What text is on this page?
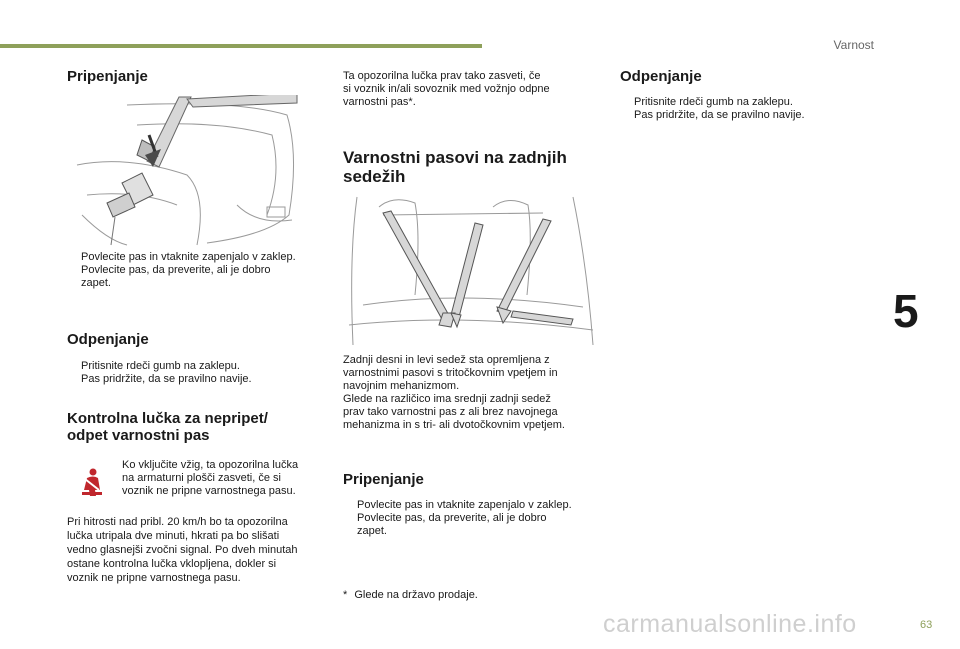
Varnost
5
63
Pripenjanje
Povlecite pas in vtaknite zapenjalo v zaklep.
Povlecite pas, da preverite, ali je dobro
zapet.
Odpenjanje
Pritisnite rdeči gumb na zaklepu.
Pas pridržite, da se pravilno navije.
Kontrolna lučka za nepripet/
odpet varnostni pas
Ko vključite vžig, ta opozorilna lučka
na armaturni plošči zasveti, če si
voznik ne pripne varnostnega pasu.
Pri hitrosti nad pribl. 20 km/h bo ta opozorilna
lučka utripala dve minuti, hkrati pa bo slišati
vedno glasnejši zvočni signal. Po dveh minutah
ostane kontrolna lučka vklopljena, dokler si
voznik ne pripne varnostnega pasu.
Ta opozorilna lučka prav tako zasveti, če
si voznik in/ali sovoznik med vožnjo odpne
varnostni pas*.
Varnostni pasovi na zadnjih
sedežih
Zadnji desni in levi sedež sta opremljena z
varnostnimi pasovi s tritočkovnim vpetjem in
navojnim mehanizmom.
Glede na različico ima srednji zadnji sedež
prav tako varnostni pas z ali brez navojnega
mehanizma in s tri- ali dvotočkovnim vpetjem.
Pripenjanje
Povlecite pas in vtaknite zapenjalo v zaklep.
Povlecite pas, da preverite, ali je dobro
zapet.
* Glede na državo prodaje.
Odpenjanje
Pritisnite rdeči gumb na zaklepu.
Pas pridržite, da se pravilno navije.
carmanualsonline.info
